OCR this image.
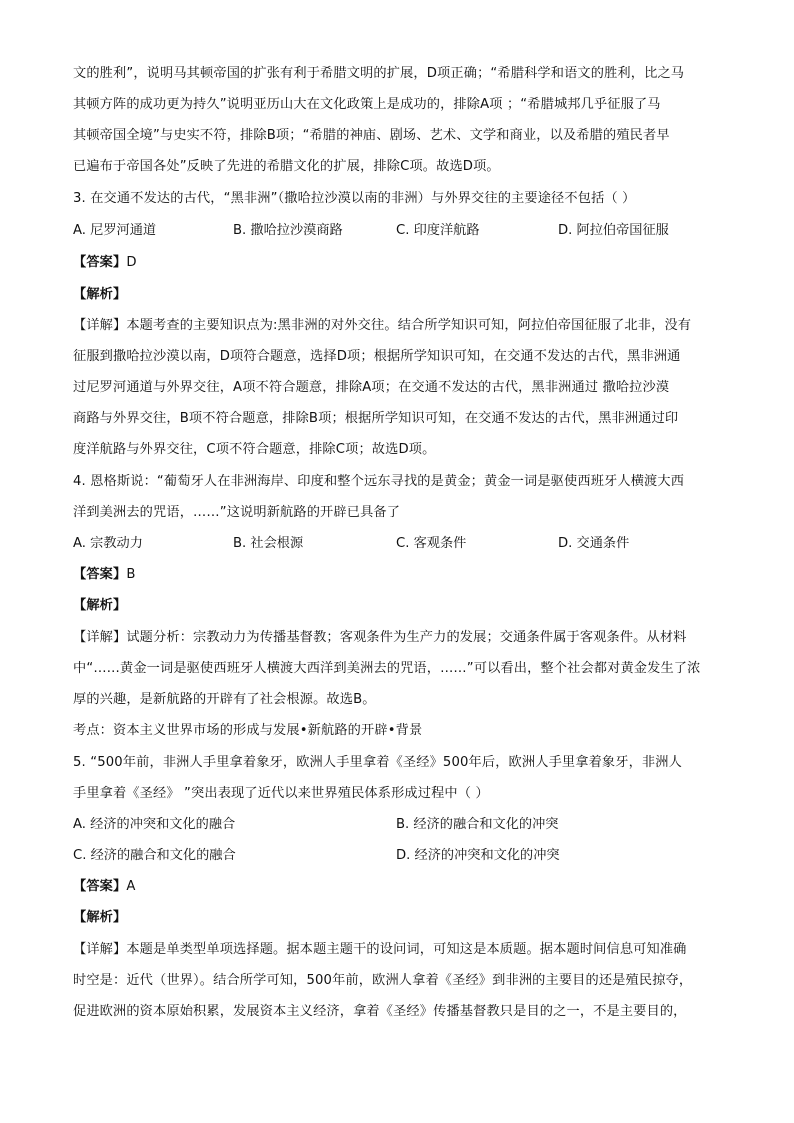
文的胜利”，说明马其顿帝国的扩张有利于希腊文明的扩展，D项正确；“希腊科学和语文的胜利，比之马
其顿方阵的成功更为持久”说明亚历山大在文化政策上是成功的，排除A项 ；“希腊城邦几乎征服了马
其顿帝国全境”与史实不符，排除B项；“希腊的神庙、剧场、艺术、文学和商业，以及希腊的殖民者早
已遍布于帝国各处”反映了先进的希腊文化的扩展，排除C项。故选D项。
3. 在交通不发达的古代，“黑非洲”（撒哈拉沙漠以南的非洲）与外界交往的主要途径不包括（ ）
A. 尼罗河通道	B. 撒哈拉沙漠商路	C. 印度洋航路	D. 阿拉伯帝国征服
【答案】D
【解析】
【详解】本题考查的主要知识点为:黑非洲的对外交往。结合所学知识可知，阿拉伯帝国征服了北非，没有
征服到撒哈拉沙漠以南，D项符合题意，选择D项；根据所学知识可知，在交通不发达的古代，黑非洲通
过尼罗河通道与外界交往，A项不符合题意，排除A项；在交通不发达的古代，黑非洲通过 撒哈拉沙漠
商路与外界交往，B项不符合题意，排除B项；根据所学知识可知，在交通不发达的古代，黑非洲通过印
度洋航路与外界交往，C项不符合题意，排除C项；故选D项。
4. 恩格斯说：“葡萄牙人在非洲海岸、印度和整个远东寻找的是黄金；黄金一词是驱使西班牙人横渡大西
洋到美洲去的咒语，……”这说明新航路的开辟已具备了
A. 宗教动力	B. 社会根源	C. 客观条件	D. 交通条件
【答案】B
【解析】
【详解】试题分析：宗教动力为传播基督教；客观条件为生产力的发展；交通条件属于客观条件。从材料
中“……黄金一词是驱使西班牙人横渡大西洋到美洲去的咒语，……”可以看出，整个社会都对黄金发生了浓
厚的兴趣，是新航路的开辟有了社会根源。故选B。
考点：资本主义世界市场的形成与发展•新航路的开辟•背景
5. “500年前，非洲人手里拿着象牙，欧洲人手里拿着《圣经》500年后，欧洲人手里拿着象牙，非洲人
手里拿着《圣经》 ”突出表现了近代以来世界殖民体系形成过程中（ ）
A. 经济的冲突和文化的融合	B. 经济的融合和文化的冲突
C. 经济的融合和文化的融合	D. 经济的冲突和文化的冲突
【答案】A
【解析】
【详解】本题是单类型单项选择题。据本题主题干的设问词，可知这是本质题。据本题时间信息可知准确
时空是：近代（世界）。结合所学可知，500年前，欧洲人拿着《圣经》到非洲的主要目的还是殖民掠夺，
促进欧洲的资本原始积累，发展资本主义经济，拿着《圣经》传播基督教只是目的之一，不是主要目的，
